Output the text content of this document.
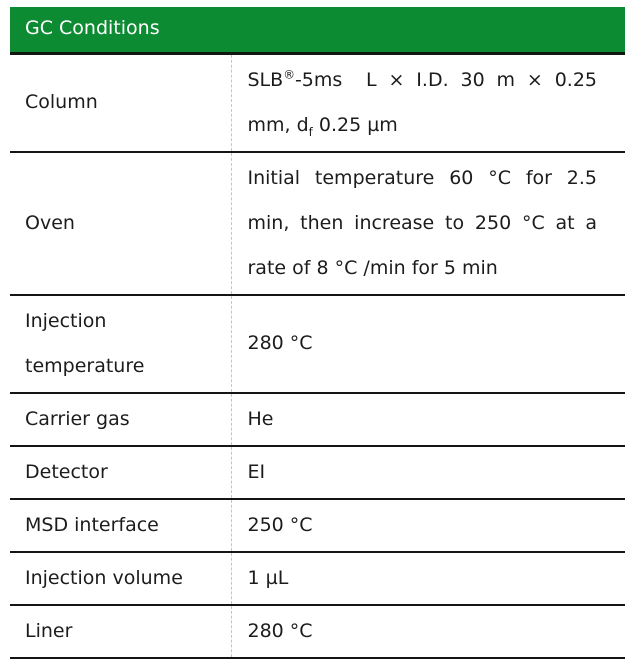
GC Conditions	
Column	SLB®-5ms  L × I.D. 30 m × 0.25 mm, $d_f$ 0.25 µm
Oven	Initial temperature 60 °C for 2.5 min, then increase to 250 °C at a rate of 8 °C /min for 5 min
Injection temperature	280 °C
Carrier gas	He
Detector	EI
MSD interface	250 °C
Injection volume	1 µL
Liner	280 °C
